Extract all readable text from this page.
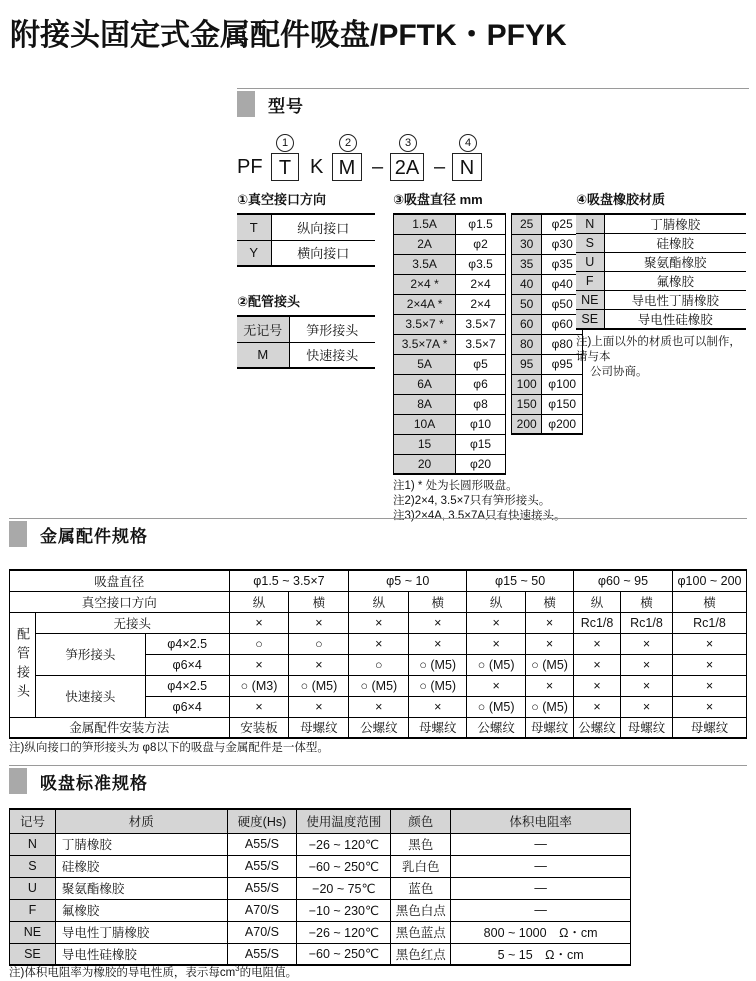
附接头固定式金属配件吸盘/PFTK・PFYK
型号
1	2	3	4
PF T K M – 2A – N
①真空接口方向
T	纵向接口
Y	横向接口
②配管接头
无记号	笋形接头
M	快速接头
③吸盘直径 mm
1.5A	φ1.5
2A	φ2
3.5A	φ3.5
2×4 *	2×4
2×4A *	2×4
3.5×7 *	3.5×7
3.5×7A *	3.5×7
5A	φ5
6A	φ6
8A	φ8
10A	φ10
15	φ15
20	φ20
25	φ25
30	φ30
35	φ35
40	φ40
50	φ50
60	φ60
80	φ80
95	φ95
100	φ100
150	φ150
200	φ200
注1) * 处为长圆形吸盘。
注2)2×4, 3.5×7只有笋形接头。
注3)2×4A, 3.5×7A只有快速接头。
④吸盘橡胶材质
N	丁腈橡胶
S	硅橡胶
U	聚氨酯橡胶
F	氟橡胶
NE	导电性丁腈橡胶
SE	导电性硅橡胶
注)上面以外的材质也可以制作，请与本
公司协商。
金属配件规格
吸盘直径			φ1.5 ~ 3.5×7		φ5 ~ 10		φ15 ~ 50		φ60 ~ 95		φ100 ~ 200
真空接口方向			纵	横	纵	横	纵	横	纵	横	横
配管接头	无接头		×	×	×	×	×	×	Rc1/8	Rc1/8	Rc1/8
	笋形接头	φ4×2.5	○	○	×	×	×	×	×	×	×
		φ6×4	×	×	○	○ (M5)	○ (M5)	○ (M5)	×	×	×
	快速接头	φ4×2.5	○ (M3)	○ (M5)	○ (M5)	○ (M5)	×	×	×	×	×
		φ6×4	×	×	×	×	○ (M5)	○ (M5)	×	×	×
金属配件安装方法			安装板	母螺纹	公螺纹	母螺纹	公螺纹	母螺纹	公螺纹	母螺纹	母螺纹
注)纵向接口的笋形接头为 φ8以下的吸盘与金属配件是一体型。
吸盘标准规格
记号	材质	硬度(Hs)	使用温度范围	颜色	体积电阻率
N	丁腈橡胶	A55/S	−26 ~ 120℃	黑色	—
S	硅橡胶	A55/S	−60 ~ 250℃	乳白色	—
U	聚氨酯橡胶	A55/S	−20 ~ 75℃	蓝色	—
F	氟橡胶	A70/S	−10 ~ 230℃	黑色白点	—
NE	导电性丁腈橡胶	A70/S	−26 ~ 120℃	黑色蓝点	800 ~ 1000　Ω・cm
SE	导电性硅橡胶	A55/S	−60 ~ 250℃	黑色红点	5 ~ 15　Ω・cm
注)体积电阻率为橡胶的导电性质，表示每$cm^3$的电阻值。
